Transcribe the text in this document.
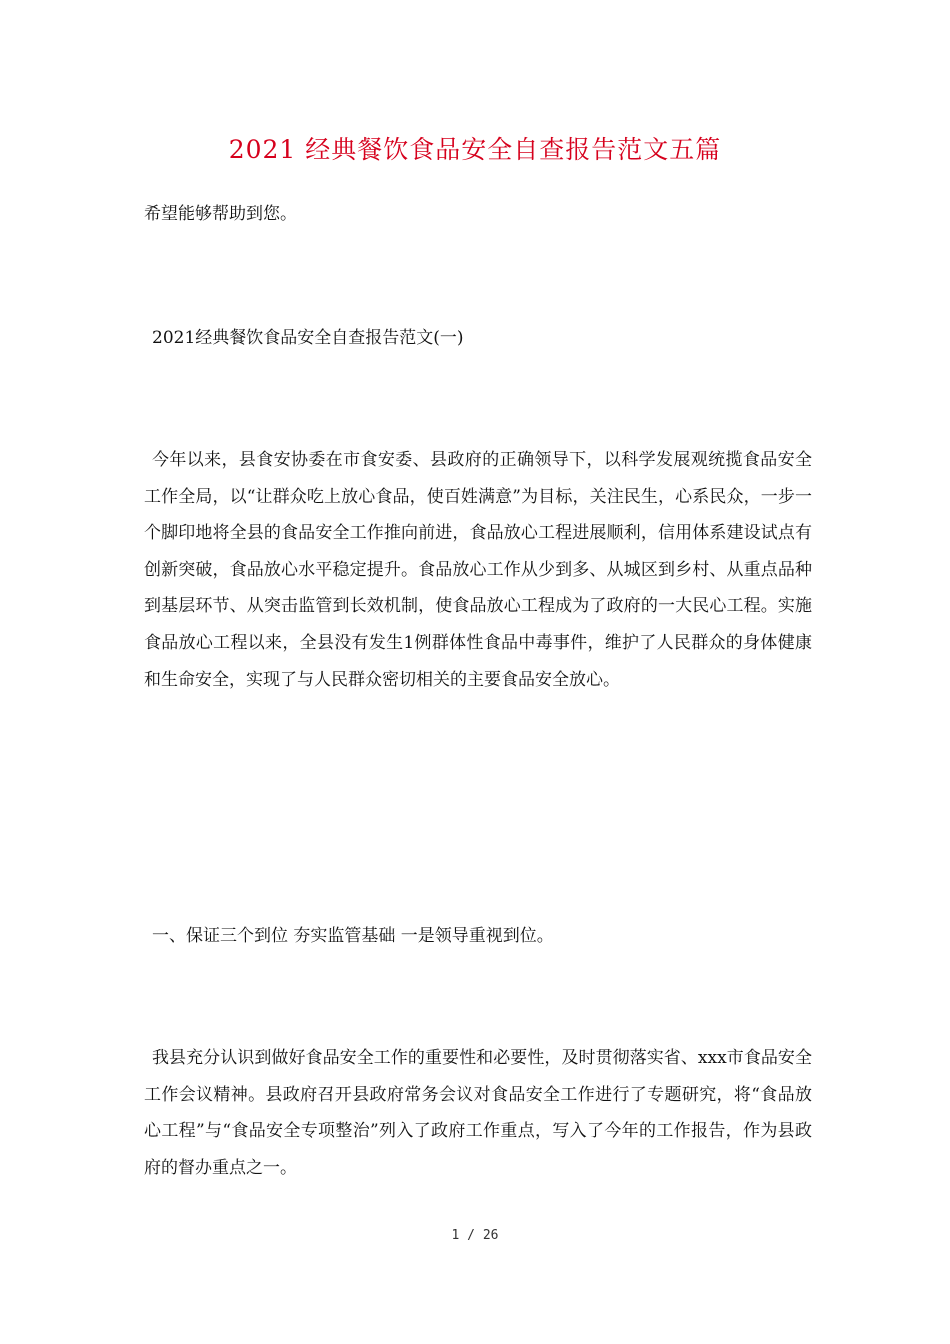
2021 经典餐饮食品安全自查报告范文五篇
希望能够帮助到您。
2021经典餐饮食品安全自查报告范文(一)
今年以来，县食安协委在市食安委、县政府的正确领导下，以科学发展观统揽食品安全工作全局，以“让群众吃上放心食品，使百姓满意”为目标，关注民生，心系民众，一步一个脚印地将全县的食品安全工作推向前进，食品放心工程进展顺利，信用体系建设试点有创新突破，食品放心水平稳定提升。食品放心工作从少到多、从城区到乡村、从重点品种到基层环节、从突击监管到长效机制，使食品放心工程成为了政府的一大民心工程。实施食品放心工程以来，全县没有发生1例群体性食品中毒事件，维护了人民群众的身体健康和生命安全，实现了与人民群众密切相关的主要食品安全放心。
一、保证三个到位 夯实监管基础 一是领导重视到位。
我县充分认识到做好食品安全工作的重要性和必要性，及时贯彻落实省、xxx市食品安全工作会议精神。县政府召开县政府常务会议对食品安全工作进行了专题研究，将“食品放心工程”与“食品安全专项整治”列入了政府工作重点，写入了今年的工作报告，作为县政府的督办重点之一。
1 / 26
